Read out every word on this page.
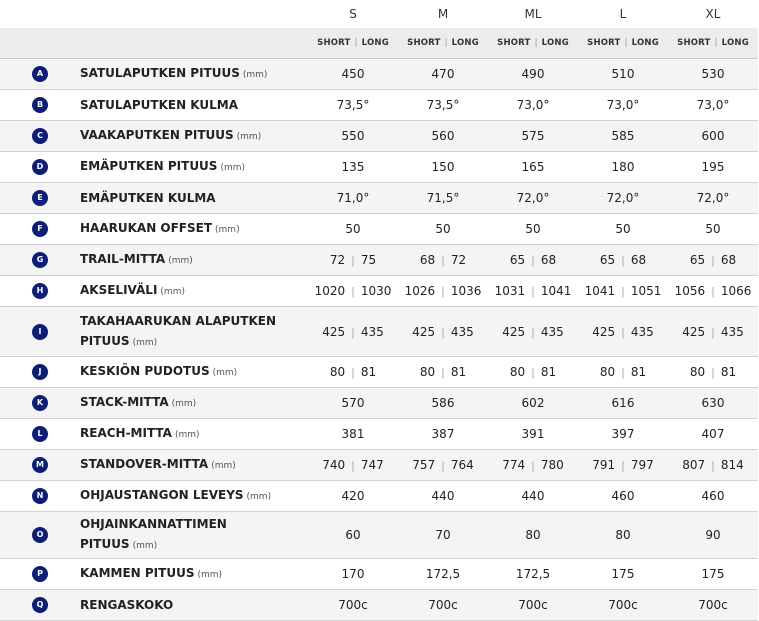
		S	M	ML	L	XL
		SHORT | LONG	SHORT | LONG	SHORT | LONG	SHORT | LONG	SHORT | LONG
A	SATULAPUTKEN PITUUS (mm)	450	470	490	510	530
B	SATULAPUTKEN KULMA	73,5°	73,5°	73,0°	73,0°	73,0°
C	VAAKAPUTKEN PITUUS (mm)	550	560	575	585	600
D	EMÄPUTKEN PITUUS (mm)	135	150	165	180	195
E	EMÄPUTKEN KULMA	71,0°	71,5°	72,0°	72,0°	72,0°
F	HAARUKAN OFFSET (mm)	50	50	50	50	50
G	TRAIL-MITTA (mm)	72 | 75	68 | 72	65 | 68	65 | 68	65 | 68
H	AKSELIVÄLI (mm)	1020 | 1030	1026 | 1036	1031 | 1041	1041 | 1051	1056 | 1066
I	TAKAHAARUKAN ALAPUTKEN PITUUS (mm)	425 | 435	425 | 435	425 | 435	425 | 435	425 | 435
J	KESKIÖN PUDOTUS (mm)	80 | 81	80 | 81	80 | 81	80 | 81	80 | 81
K	STACK-MITTA (mm)	570	586	602	616	630
L	REACH-MITTA (mm)	381	387	391	397	407
M	STANDOVER-MITTA (mm)	740 | 747	757 | 764	774 | 780	791 | 797	807 | 814
N	OHJAUSTANGON LEVEYS (mm)	420	440	440	460	460
O	OHJAINKANNATTIMEN PITUUS (mm)	60	70	80	80	90
P	KAMMEN PITUUS (mm)	170	172,5	172,5	175	175
Q	RENGASKOKO	700c	700c	700c	700c	700c
